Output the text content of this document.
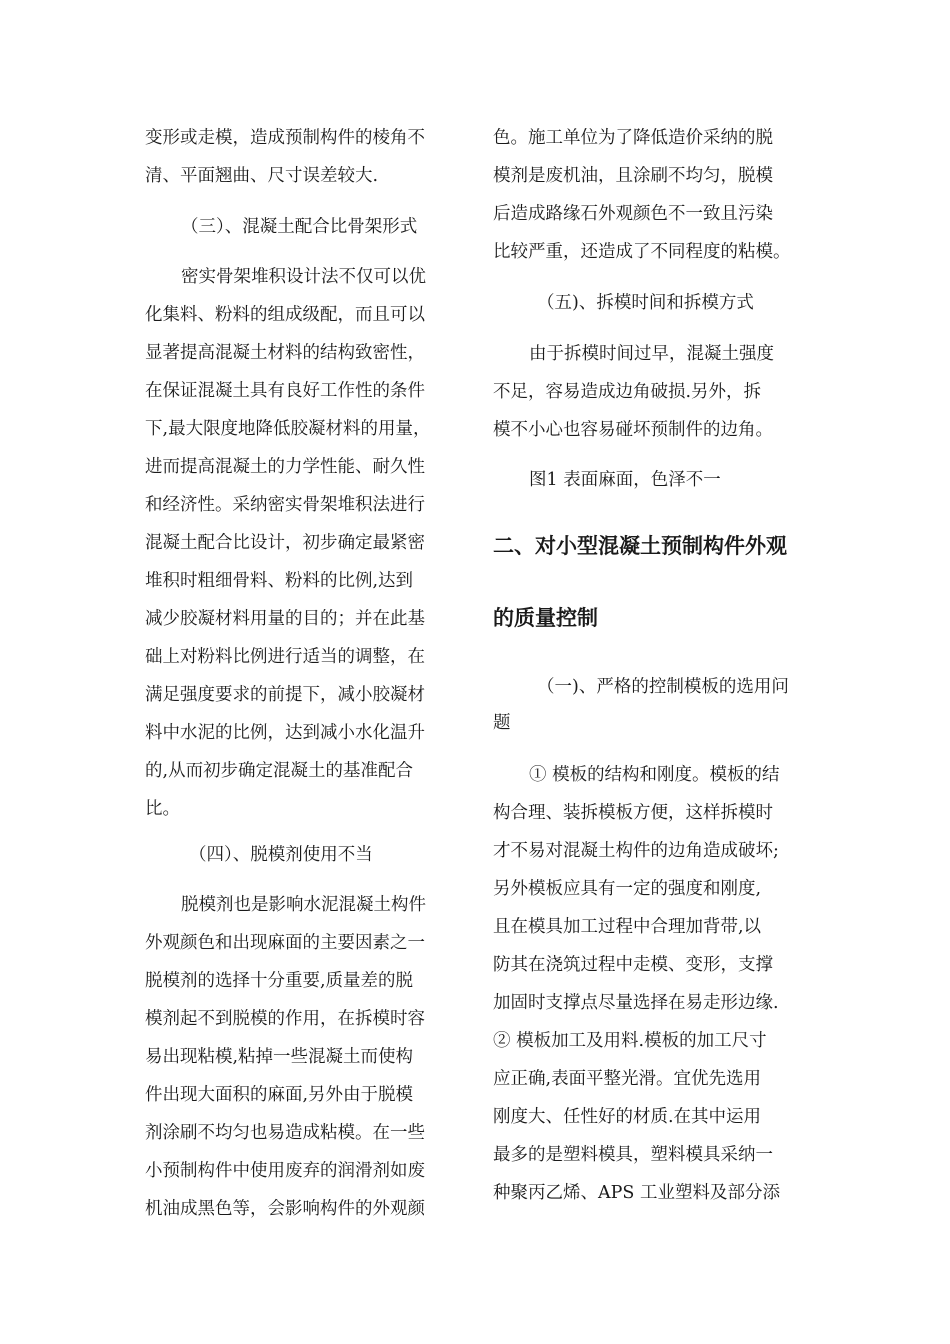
变形或走模，造成预制构件的棱角不
清、平面翘曲、尺寸误差较大.
（三）、混凝土配合比骨架形式
密实骨架堆积设计法不仅可以优
化集料、粉料的组成级配，而且可以
显著提高混凝土材料的结构致密性，
在保证混凝土具有良好工作性的条件
下,最大限度地降低胶凝材料的用量，
进而提高混凝土的力学性能、耐久性
和经济性。采纳密实骨架堆积法进行
混凝土配合比设计，初步确定最紧密
堆积时粗细骨料、粉料的比例,达到
减少胶凝材料用量的目的；并在此基
础上对粉料比例进行适当的调整，在
满足强度要求的前提下，减小胶凝材
料中水泥的比例，达到减小水化温升
的,从而初步确定混凝土的基准配合
比。
（四）、脱模剂使用不当
脱模剂也是影响水泥混凝土构件
外观颜色和出现麻面的主要因素之一
脱模剂的选择十分重要,质量差的脱
模剂起不到脱模的作用，在拆模时容
易出现粘模,粘掉一些混凝土而使构
件出现大面积的麻面,另外由于脱模
剂涂刷不均匀也易造成粘模。在一些
小预制构件中使用废弃的润滑剂如废
机油成黑色等，会影响构件的外观颜
色。施工单位为了降低造价采纳的脱
模剂是废机油，且涂刷不均匀，脱模
后造成路缘石外观颜色不一致且污染
比较严重，还造成了不同程度的粘模。
（五)、拆模时间和拆模方式
由于拆模时间过早，混凝土强度
不足，容易造成边角破损.另外，拆
模不小心也容易碰坏预制件的边角。
图1 表面麻面，色泽不一
二、对小型混凝土预制构件外观
的质量控制
（一)、严格的控制模板的选用问
题
① 模板的结构和刚度。模板的结
构合理、装拆模板方便，这样拆模时
才不易对混凝土构件的边角造成破坏;
另外模板应具有一定的强度和刚度,
且在模具加工过程中合理加背带,以
防其在浇筑过程中走模、变形，支撑
加固时支撑点尽量选择在易走形边缘.
② 模板加工及用料.模板的加工尺寸
应正确,表面平整光滑。宜优先选用
刚度大、任性好的材质.在其中运用
最多的是塑料模具，塑料模具采纳一
种聚丙乙烯、APS 工业塑料及部分添
